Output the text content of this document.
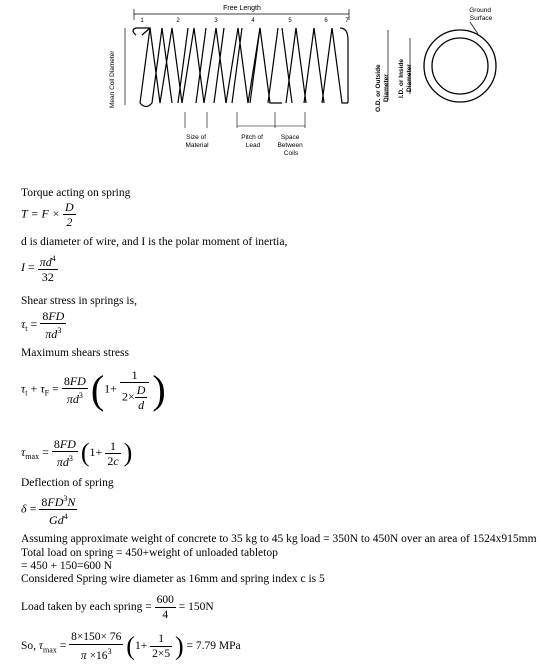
Free Length
1	2	3	4	5	6	7
Mean Coil Diameter
Size of Material
Pitch of Lead
Space Between Coils
O.D. or Outside Diameter I.D. or Inside Diameter
Ground Surface
Torque acting on spring
$T = F \times \frac{D}{2}$
d is diameter of wire, and I is the polar moment of inertia,
$I = \frac{\pi d^4}{32}$
Shear stress in springs is,
$\tau_t = \frac{8FD}{\pi d^3}$
Maximum shears stress
$\tau_t + \tau_F = \frac{8FD}{\pi d^3} (1+ \frac{1}{2\times \frac{D}{d}}$ )
$\tau_{max} = \frac{8FD}{\pi d^3} (1+ \frac{1}{2c}$ )
Deflection of spring
$\delta = \frac{8FD^3N}{Gd^4}$
Assuming approximate weight of concrete to 35 kg to 45 kg load = 350N to 450N over an area of 1524x915mm
Total load on spring = 450+weight of unloaded tabletop
= 450 + 150=600 N
Considered Spring wire diameter as 16mm and spring index c is 5
Load taken by each spring = $\frac{600}{4} = 150N$
So, $\tau_{max} = \frac{8\times 150\times 76}{\pi \times 16^3} (1+ \frac{1}{2\times 5}$ ) = 7.79 MPa
